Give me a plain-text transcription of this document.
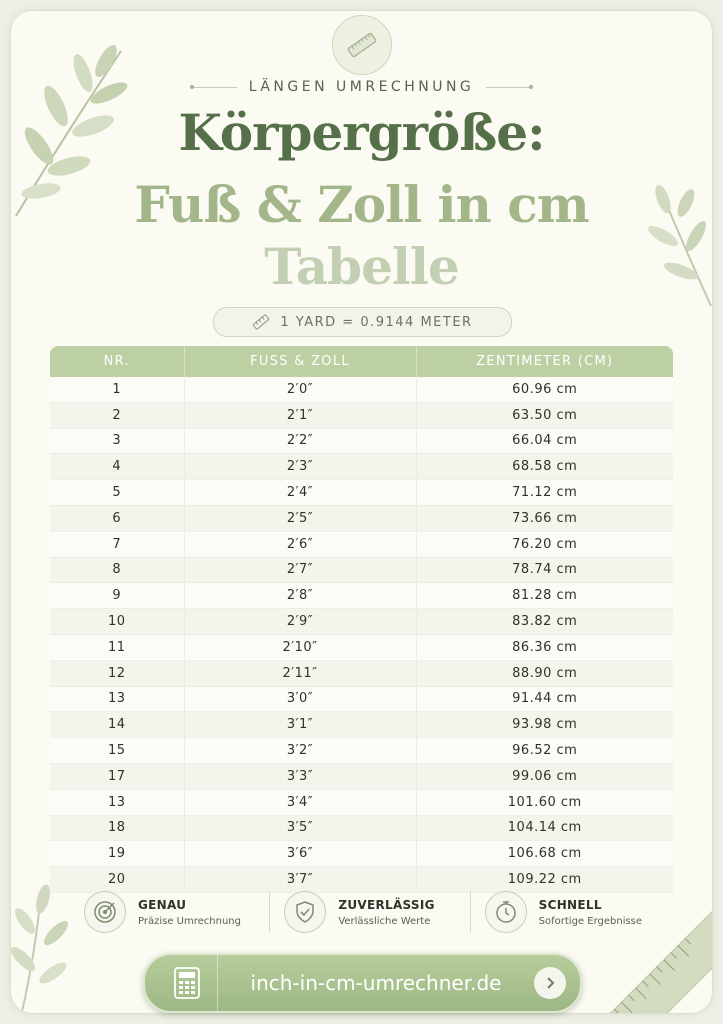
LÄNGEN UMRECHNUNG
Körpergröße:
Fuß & Zoll in cm
Tabelle
1 YARD = 0.9144 METER
NR.	FUSS & ZOLL	ZENTIMETER (CM)
1	2′0″	60.96 cm
2	2′1″	63.50 cm
3	2′2″	66.04 cm
4	2′3″	68.58 cm
5	2′4″	71.12 cm
6	2′5″	73.66 cm
7	2′6″	76.20 cm
8	2′7″	78.74 cm
9	2′8″	81.28 cm
10	2′9″	83.82 cm
11	2′10″	86.36 cm
12	2′11″	88.90 cm
13	3′0″	91.44 cm
14	3′1″	93.98 cm
15	3′2″	96.52 cm
17	3′3″	99.06 cm
13	3′4″	101.60 cm
18	3′5″	104.14 cm
19	3′6″	106.68 cm
20	3′7″	109.22 cm
GENAU
Präzise Umrechnung
ZUVERLÄSSIG
Verlässliche Werte
SCHNELL
Sofortige Ergebnisse
inch-in-cm-umrechner.de
